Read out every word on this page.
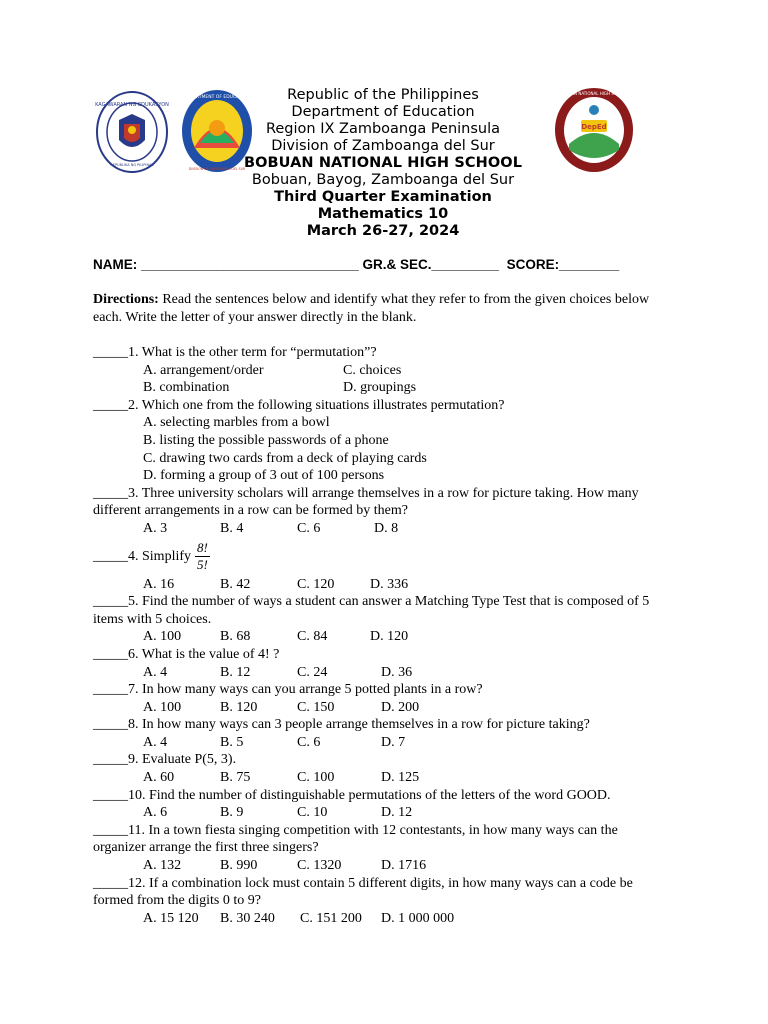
KAGAWARAN NG EDUKASYON
REPUBLIKA NG PILIPINAS
DEPARTMENT OF EDUCATION
DIVISION OF ZAMBOANGA DEL SUR
DepEd
BOBUAN NATIONAL HIGH SCHOOL
Republic of the Philippines
Department of Education
Region IX Zamboanga Peninsula
Division of Zamboanga del Sur
BOBUAN NATIONAL HIGH SCHOOL
Bobuan, Bayog, Zamboanga del Sur
Third Quarter Examination
Mathematics 10
March 26-27, 2024
NAME: _____________________________ GR.& SEC._________  SCORE:________
Directions: Read the sentences below and identify what they refer to from the given choices below
each. Write the letter of your answer directly in the blank.
_____1. What is the other term for “permutation”?
A. arrangement/order	C. choices
B. combination	D. groupings
_____2. Which one from the following situations illustrates permutation?
A. selecting marbles from a bowl
B. listing the possible passwords of a phone
C. drawing two cards from a deck of playing cards
D. forming a group of 3 out of 100 persons
_____3. Three university scholars will arrange themselves in a row for picture taking. How many
different arrangements in a row can be formed by them?
A. 3	B. 4	C. 6	D. 8
_____4. Simplify $\frac{8!}{5!}$
A. 16	B. 42	C. 120	D. 336
_____5. Find the number of ways a student can answer a Matching Type Test that is composed of 5
items with 5 choices.
A. 100	B. 68	C. 84	D. 120
_____6. What is the value of 4! ?
A. 4	B. 12	C. 24	D. 36
_____7. In how many ways can you arrange 5 potted plants in a row?
A. 100	B. 120	C. 150	D. 200
_____8. In how many ways can 3 people arrange themselves in a row for picture taking?
A. 4	B. 5	C. 6	D. 7
_____9. Evaluate P(5, 3).
A. 60	B. 75	C. 100	D. 125
_____10. Find the number of distinguishable permutations of the letters of the word GOOD.
A. 6	B. 9	C. 10	D. 12
_____11. In a town fiesta singing competition with 12 contestants, in how many ways can the
organizer arrange the first three singers?
A. 132	B. 990	C. 1320	D. 1716
_____12. If a combination lock must contain 5 different digits, in how many ways can a code be
formed from the digits 0 to 9?
A. 15 120 B. 30 240 C. 151 200 D. 1 000 000
